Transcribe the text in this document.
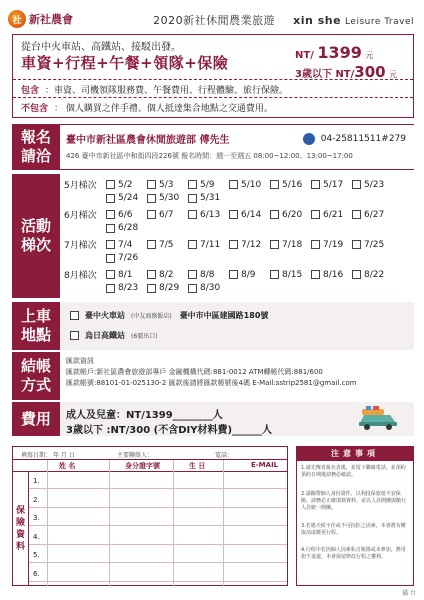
社 新社農會	2020新社休閒農業旅遊 xin she Leisure Travel
從台中火車站、高鐵站、接駁出發。
車資+行程+午餐+領隊+保險	NT/ 1399 元
3歲以下 NT/300 元
包含 ：車資、司機領隊服務費、午餐費用、行程體驗、旅行保險。
不包含 ： 個人購買之伴手禮、個人抵達集合地點之交通費用。
報名
請洽
臺中市新社區農會休閒旅遊部 傅先生	04-25811511#279
426 臺中市新社區中和街四段226號 報名時間：週一至週五 08:00~12:00、13:00~17:00
活動
梯次
5月梯次	5/2	5/3	5/9	5/10 5/16 5/17 5/23
5/24 5/30 5/31
6月梯次	6/6	6/7	6/13 6/14 6/20 6/21 6/27
6/28
7月梯次	7/4	7/5	7/11 7/12 7/18 7/19 7/25
7/26
8月梯次	8/1	8/2	8/8	8/9	8/15 8/16 8/22
8/23 8/29 8/30
上車
地點
臺中火車站 (中友商務飯店) 臺中市中區建國路180號
烏日高鐵站 (6號出口)
結帳
方式
匯款資訊
匯款帳戶:新社區農會旅遊部專戶 金融機構代碼:881-0012 ATM轉帳代碼:881/600
匯款帳號:88101-01-025130-2 匯款後請將匯款帳號後4碼 E-Mail:sstrip2581@gmail.com
費用 成人及兒童：NT/1399________人
3歲以下 :NT/300 (不含DIY材料費)______人
填寫日期： 年 月 日	主要聯絡人：	電話：
姓 名	身分證字號	生 日	E-MAIL
保險資料
1.
2.
3.
4.
5.
6.
注意事項
1.請先傳真報名表後，並留下聯絡電話，並預約預約日期後請務必確認。
2.請攜帶個人身份證件，以利投保旅遊平安保險，請務必正確填寫資料，並以人員開團與隨行人員統一開團。
3.若遇天候不佳或不可抗拒之因素，本會將有權取消或變更行程。
4.行程中若因個人因素私自脫隊或未參加，費用恕不退還，本會保留修改行程之權利。
備 台
